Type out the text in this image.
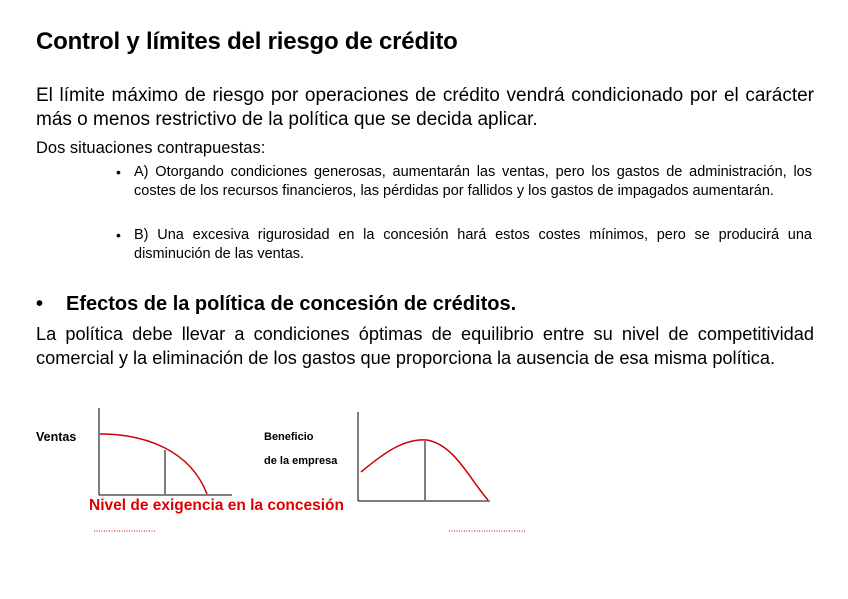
Control y límites del riesgo de crédito
El límite máximo de riesgo por operaciones de crédito vendrá condicionado por el carácter más o menos restrictivo de la política que se decida aplicar.
Dos situaciones contrapuestas:
• A) Otorgando condiciones generosas, aumentarán las ventas, pero los gastos de administración, los costes de los recursos financieros, las pérdidas por fallidos y los gastos de impagados aumentarán.
• B) Una excesiva rigurosidad en la concesión hará estos costes mínimos, pero se producirá una disminución de las ventas.
• Efectos de la política de concesión de créditos.
La política debe llevar a condiciones óptimas de equilibrio entre su nivel de competitividad comercial y la eliminación de los gastos que proporciona la ausencia de esa misma política.
Ventas	Beneficio
de la empresa
Nivel de exigencia en la concesión
